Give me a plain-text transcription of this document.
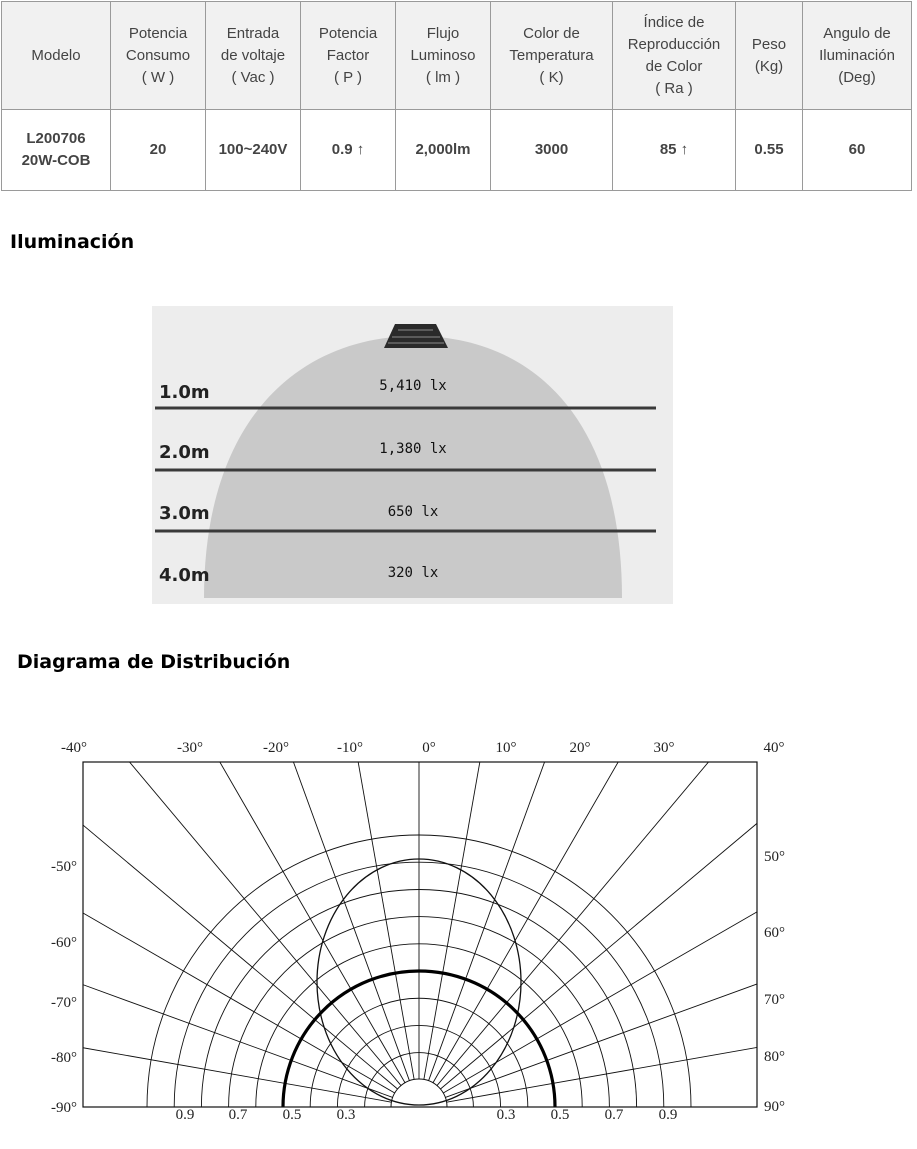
Modelo	Potencia
Consumo
( W )	Entrada
de voltaje
( Vac )	Potencia
Factor
( P )	Flujo
Luminoso
( lm )	Color de
Temperatura
( K)	Índice de
Reproducción
de Color
( Ra )	Peso
(Kg)	Angulo de
Iluminación
(Deg)

L200706
20W-COB	20	100~240V	0.9 ↑	2,000lm	3000	85 ↑	0.55	60
Iluminación
1.0m	5,410 lx
2.0m	1,380 lx
3.0m	650 lx
4.0m	320 lx
Diagrama de Distribución
-40°	-30°	-20°	-10°	0°	10°	20°	30°	40°
-50°
-60°
-70°
-80°
-90°
50°
60°
70°
80°
90°
0.9 0.7 0.5 0.3	0.3 0.5 0.7 0.9
